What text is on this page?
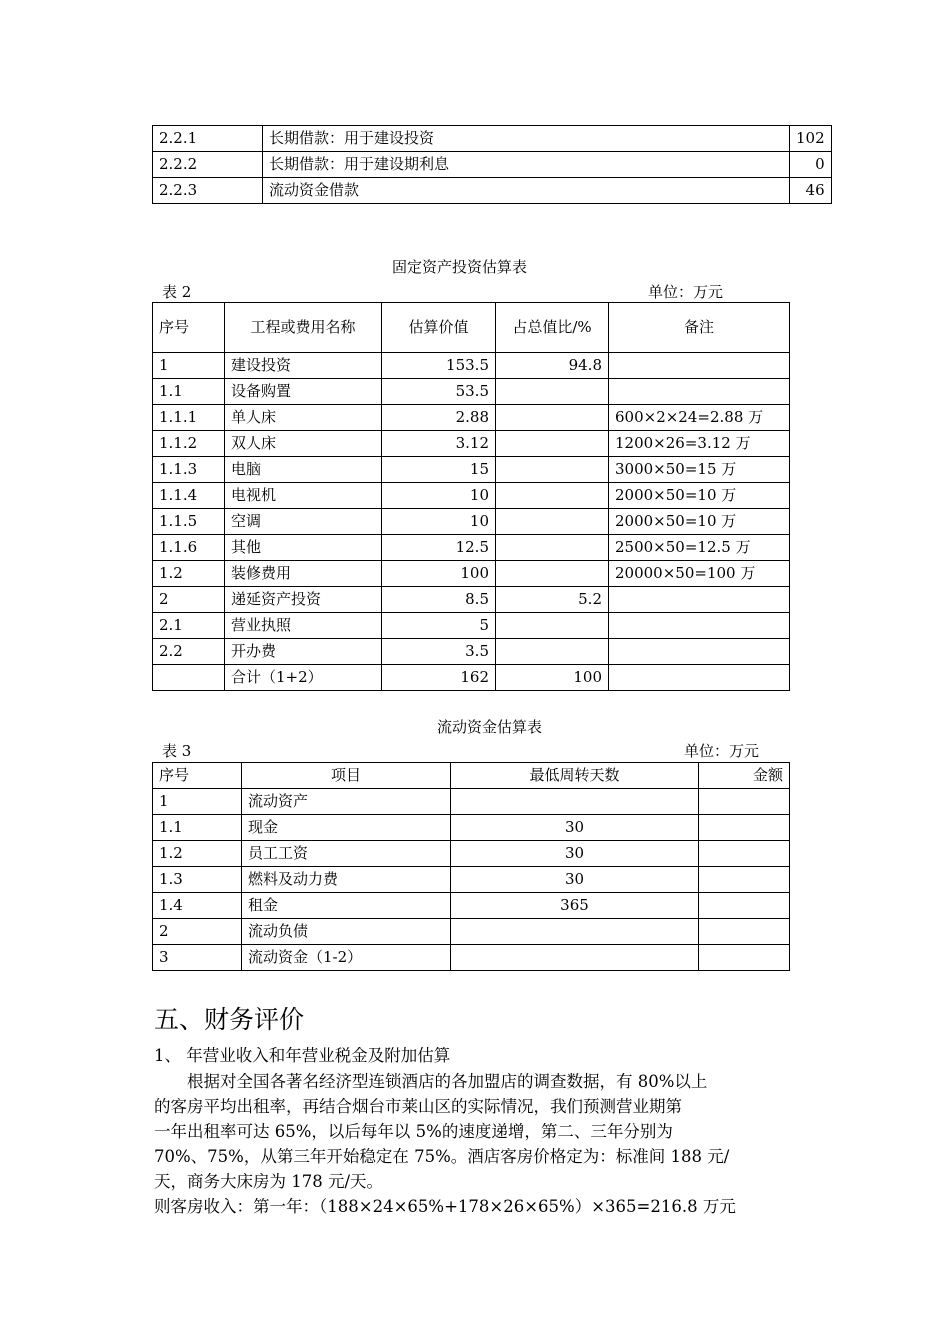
2.2.1	长期借款：用于建设投资	102
2.2.2	长期借款：用于建设期利息	0
2.2.3	流动资金借款	46
固定资产投资估算表
表 2	单位：万元
序号	工程或费用名称	估算价值	占总值比/%	备注
1	建设投资	153.5	94.8	
1.1	设备购置	53.5		
1.1.1	单人床	2.88		600×2×24=2.88 万
1.1.2	双人床	3.12		1200×26=3.12 万
1.1.3	电脑	15		3000×50=15 万
1.1.4	电视机	10		2000×50=10 万
1.1.5	空调	10		2000×50=10 万
1.1.6	其他	12.5		2500×50=12.5 万
1.2	装修费用	100		20000×50=100 万
2	递延资产投资	8.5	5.2	
2.1	营业执照	5		
2.2	开办费	3.5		
	合计（1+2）	162	100	
流动资金估算表
表 3	单位：万元
序号	项目	最低周转天数	金额
1	流动资产		
1.1	现金	30	
1.2	员工工资	30	
1.3	燃料及动力费	30	
1.4	租金	365	
2	流动负债		
3	流动资金（1-2）		
五、财务评价
1、 年营业收入和年营业税金及附加估算
根据对全国各著名经济型连锁酒店的各加盟店的调查数据，有 80%以上
的客房平均出租率，再结合烟台市莱山区的实际情况，我们预测营业期第
一年出租率可达 65%，以后每年以 5%的速度递增，第二、三年分别为
70%、75%，从第三年开始稳定在 75%。酒店客房价格定为：标准间 188 元/
天，商务大床房为 178 元/天。
则客房收入：第一年：（188×24×65%+178×26×65%）×365=216.8 万元
